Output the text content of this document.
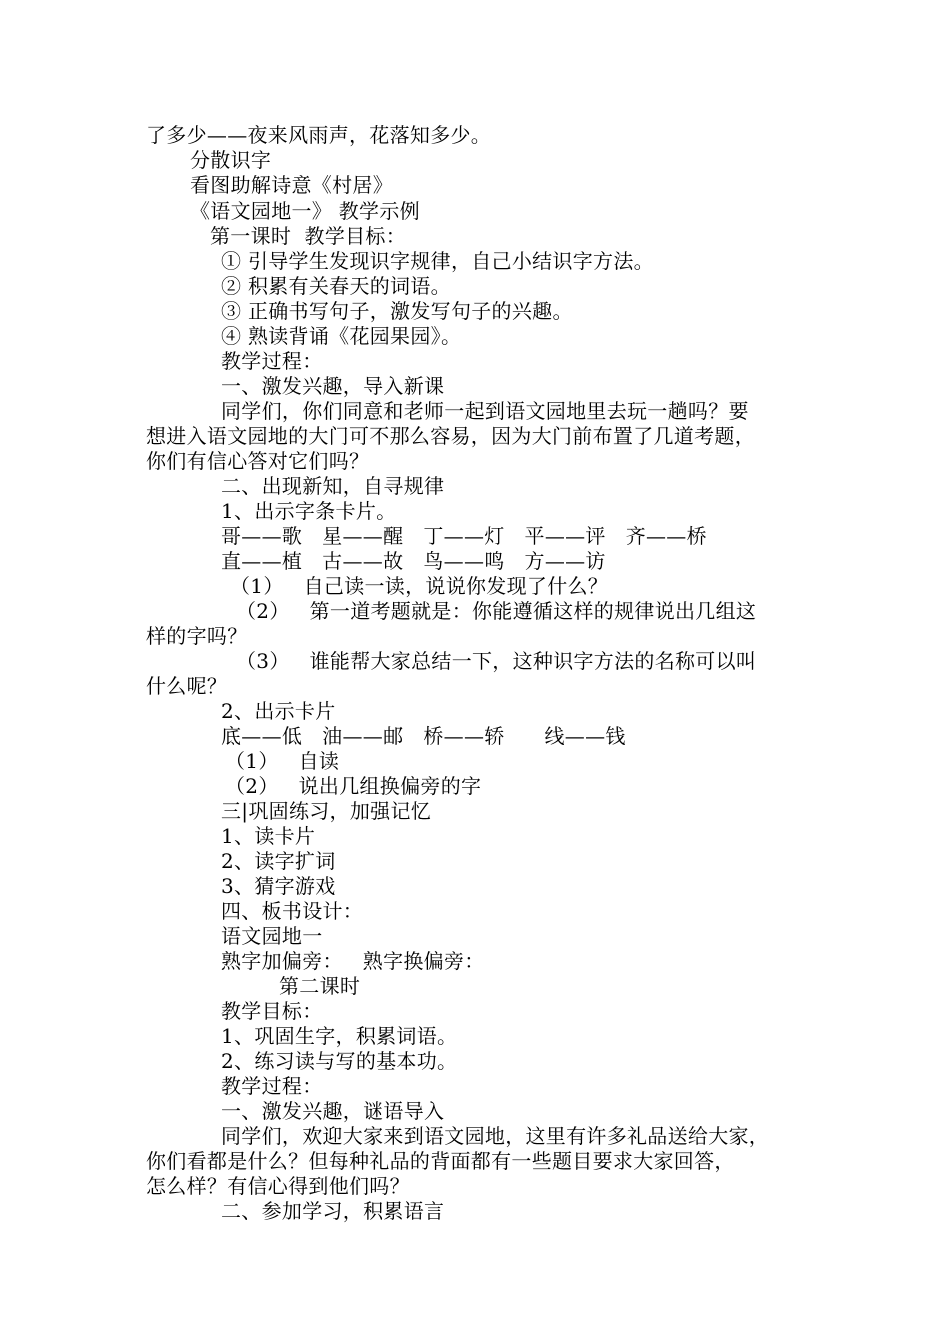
了多少——夜来风雨声，花落知多少。
分散识字
看图助解诗意《村居》
《语文园地一》 教学示例
第一课时  教学目标：
① 引导学生发现识字规律，自己小结识字方法。
② 积累有关春天的词语。
③ 正确书写句子，激发写句子的兴趣。
④ 熟读背诵《花园果园》。
教学过程：
一、激发兴趣，导入新课
同学们，你们同意和老师一起到语文园地里去玩一趟吗？要
想进入语文园地的大门可不那么容易，因为大门前布置了几道考题，
你们有信心答对它们吗？
二、出现新知，自寻规律
1、出示字条卡片。
哥——歌   星——醒   丁——灯   平——评   齐——桥
直——植   古——故   鸟——鸣   方——访
（1）   自己读一读，说说你发现了什么？
（2）   第一道考题就是：你能遵循这样的规律说出几组这
样的字吗？
（3）   谁能帮大家总结一下，这种识字方法的名称可以叫
什么呢？
2、出示卡片
底——低   油——邮   桥——轿      线——钱
（1）   自读
（2）   说出几组换偏旁的字
三|巩固练习，加强记忆
1、读卡片
2、读字扩词
3、猜字游戏
四、板书设计：
语文园地一
熟字加偏旁：   熟字换偏旁：
第二课时
教学目标：
1、巩固生字，积累词语。
2、练习读与写的基本功。
教学过程：
一、激发兴趣，谜语导入
同学们，欢迎大家来到语文园地，这里有许多礼品送给大家，
你们看都是什么？但每种礼品的背面都有一些题目要求大家回答，
怎么样？有信心得到他们吗？
二、参加学习，积累语言
